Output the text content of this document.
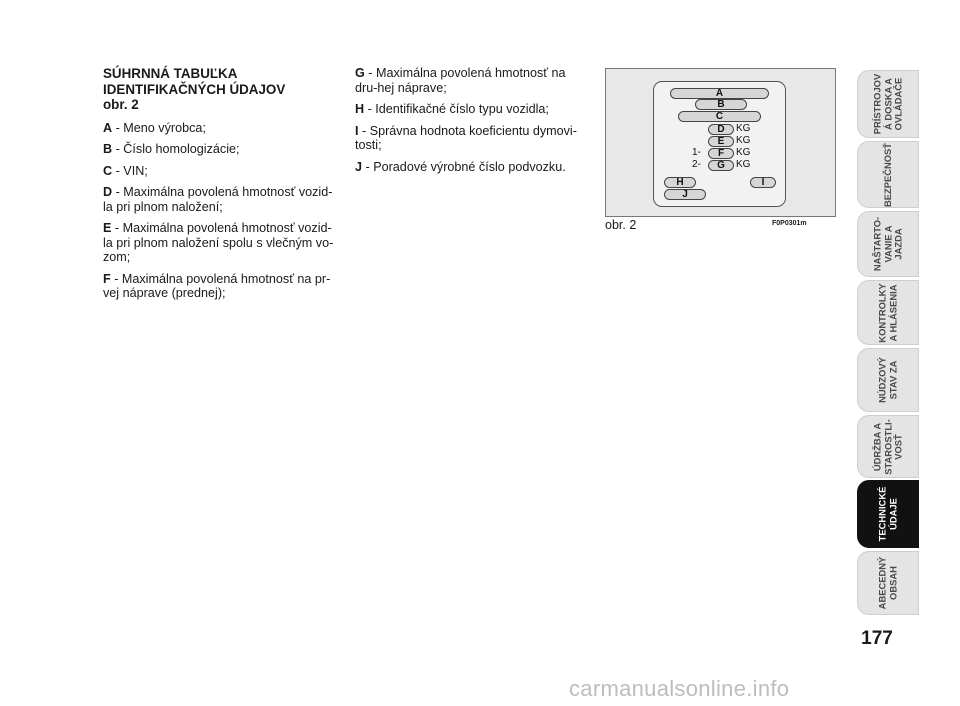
SÚHRNNÁ TABUĽKA
IDENTIFIKAČNÝCH ÚDAJOV
obr. 2

A - Meno výrobca;

B - Číslo homologizácie;

C - VIN;

D - Maximálna povolená hmotnosť vozid-la pri plnom naložení;

E - Maximálna povolená hmotnosť vozid-la pri plnom naložení spolu s vlečným vo-zom;

F - Maximálna povolená hmotnosť na pr-vej nápravе (prednej);

G - Maximálna povolená hmotnosť na dru-hej nápravе;

H - Identifikačné číslo typu vozidla;

I - Správna hodnota koeficientu dymovi-tosti;

J - Poradové výrobné číslo podvozku.

A
B
C
D	KG
E	KG
1-	F	KG
2-	G	KG
H	I
J
obr. 2	F0P0301m
PRÍSTROJOV
Á DOSKA A
OVLÁDAČE
BEZPEČNOSŤ
NAŠTARTO-
VANIE A
JAZDA
KONTROLKY
A HLÁSENIA
NÚDZOVÝ
STAV ZA
ÚDRŽBA A
STAROSTLI-
VOSŤ
TECHNICKÉ
ÚDAJE
ABECEDNÝ
OBSAH
177
carmanualsonline.info
